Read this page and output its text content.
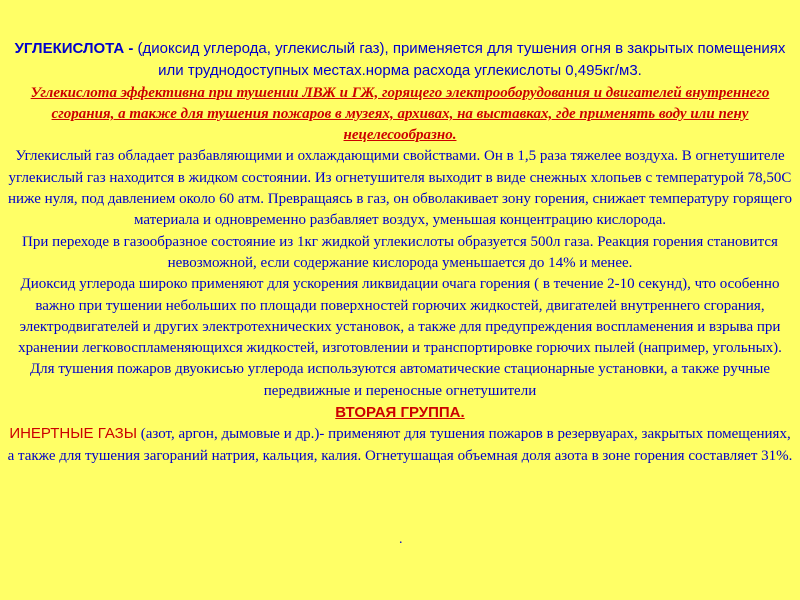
УГЛЕКИСЛОТА - (диоксид углерода, углекислый газ), применяется для тушения огня в закрытых помещениях или труднодоступных местах.норма расхода углекислоты 0,495кг/м3.

Углекислота эффективна при тушении ЛВЖ и ГЖ, горящего электрооборудования и двигателей внутреннего сгорания, а также для тушения пожаров в музеях, архивах, на выставках, где применять воду или пену нецелесообразно.

Углекислый газ обладает разбавляющими и охлаждающими свойствами. Он в 1,5 раза тяжелее воздуха. В огнетушителе углекислый газ находится в жидком состоянии. Из огнетушителя выходит в виде снежных хлопьев с температурой 78,50С ниже нуля, под давлением около 60 атм. Превращаясь в газ, он обволакивает зону горения, снижает температуру горящего материала и одновременно разбавляет воздух, уменьшая концентрацию кислорода.

При переходе в газообразное состояние из 1кг жидкой углекислоты образуется 500л газа. Реакция горения становится невозможной, если содержание кислорода уменьшается до 14% и менее.

Диоксид углерода широко применяют для ускорения ликвидации очага горения ( в течение 2-10 секунд), что особенно важно при тушении небольших по площади поверхностей горючих жидкостей, двигателей внутреннего сгорания, электродвигателей и других электротехнических установок, а также для предупреждения воспламенения и взрыва при хранении легковоспламеняющихся жидкостей, изготовлении и транспортировке горючих пылей (например, угольных). Для тушения пожаров двуокисью углерода используются автоматические стационарные установки, а также ручные передвижные и переносные огнетушители

ВТОРАЯ ГРУППА.

ИНЕРТНЫЕ ГАЗЫ (азот, аргон, дымовые и др.)- применяют для тушения пожаров в резервуарах, закрытых помещениях, а также для тушения загораний натрия, кальция, калия. Огнетушащая объемная доля азота в зоне горения составляет 31%.

.
